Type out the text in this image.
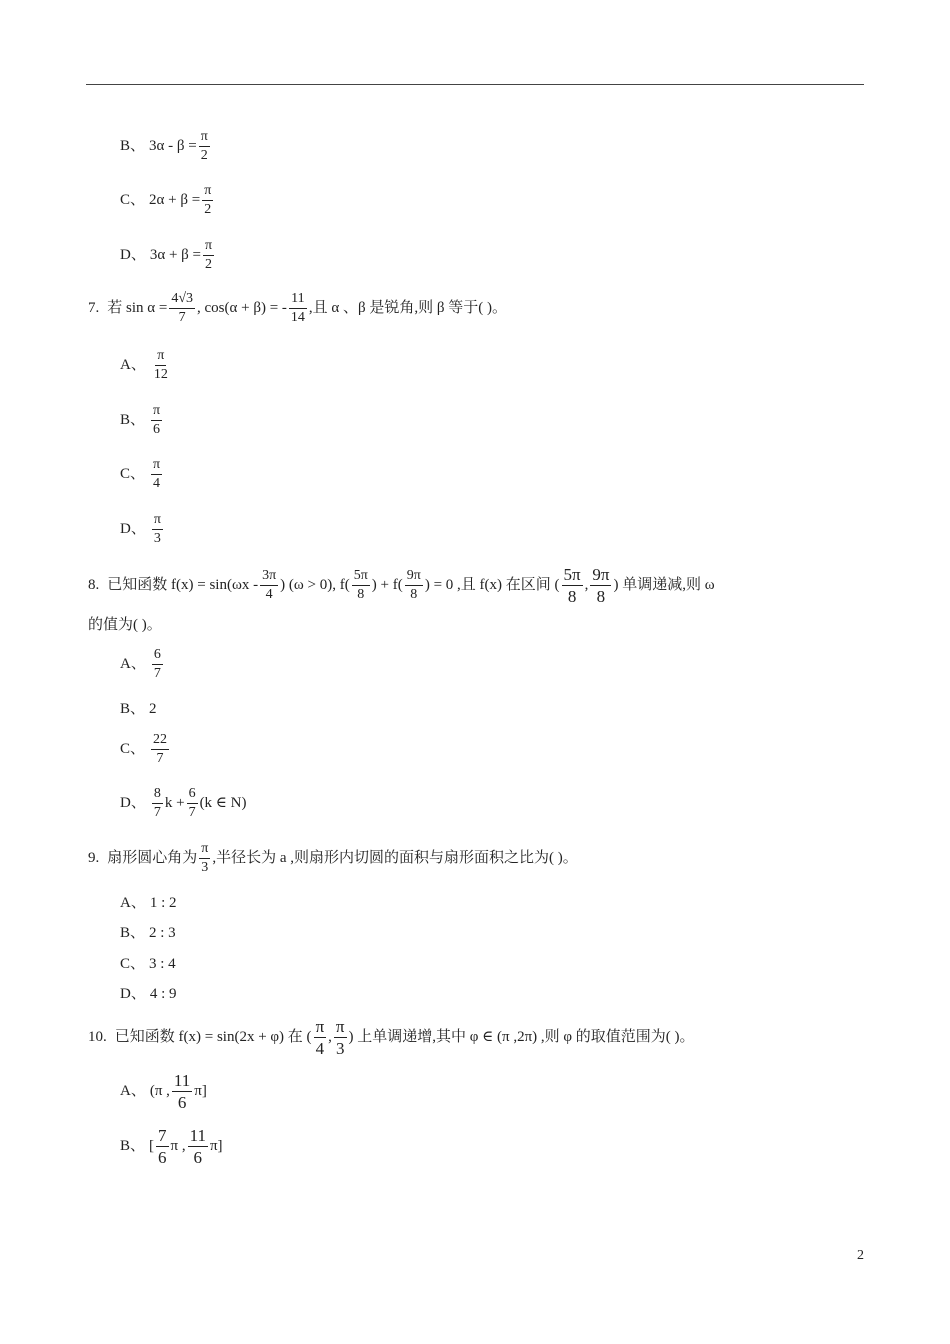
B、 $3\alpha - \beta = \frac{\pi}{2}$
C、 $2\alpha + \beta = \frac{\pi}{2}$
D、 $3\alpha + \beta = \frac{\pi}{2}$
7. 若 $\sin \alpha = \frac{4√3}{7}$ , cos(α + β) = - $\frac{11}{14}$ ,且 α 、β 是锐角,则 β 等于( )。
A、 $\frac{\pi}{12}$
B、 $\frac{\pi}{6}$
C、 $\frac{\pi}{4}$
D、 $\frac{\pi}{3}$
8. 已知函数 $f(x) = \sin(\omega x - \frac{3\pi}{4}$ ) (ω > 0), $f( \frac{5\pi}{8}$ ) + $f( \frac{9\pi}{8}$ ) = 0 ,且 f(x) 在区间 ( $\frac{5\pi}{8}$ , $\frac{9\pi}{8}$ ) 单调递减,则 ω
的值为( )。
A、 $\frac{6}{7}$
B、 2
C、 $\frac{22}{7}$
D、 $\frac{8}{7}$ $k + \frac{6}{7} (k$ ∈ N)
9. 扇形圆心角为 $\frac{\pi}{3}$ ,半径长为 a ,则扇形内切圆的面积与扇形面积之比为( )。
A、 1 : 2
B、 2 : 3
C、 3 : 4
D、 4 : 9
10. 已知函数 f(x) = sin(2x + φ) 在 ( $\frac{\pi}{4}$ , $\frac{\pi}{3}$ ) 上单调递增,其中 φ ∈ (π ,2π) ,则 φ 的取值范围为( )。
A、 (π , $\frac{11}{6} \pi$]
B、 [ $\frac{7}{6}$ π , $\frac{11}{6} \pi$]
2
